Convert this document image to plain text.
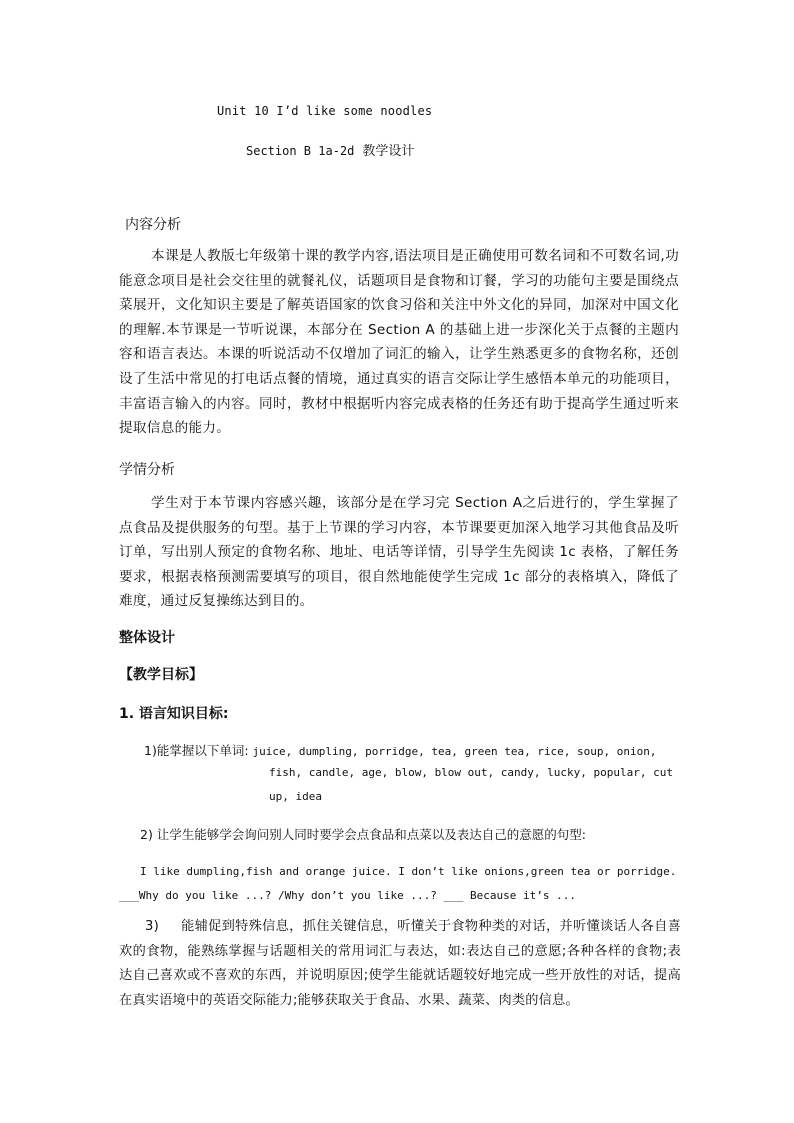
Unit 10 I’d like some noodles
Section B 1a-2d 教学设计
内容分析
本课是人教版七年级第十课的教学内容,语法项目是正确使用可数名词和不可数名词,功能意念项目是社会交往里的就餐礼仪，话题项目是食物和订餐，学习的功能句主要是围绕点菜展开，文化知识主要是了解英语国家的饮食习俗和关注中外文化的异同，加深对中国文化的理解.本节课是一节听说课，本部分在 Section A 的基础上进一步深化关于点餐的主题内容和语言表达。本课的听说活动不仅增加了词汇的输入，让学生熟悉更多的食物名称，还创设了生活中常见的打电话点餐的情境，通过真实的语言交际让学生感悟本单元的功能项目，丰富语言输入的内容。同时，教材中根据听内容完成表格的任务还有助于提高学生通过听来提取信息的能力。
学情分析
学生对于本节课内容感兴趣，该部分是在学习完 Section A之后进行的，学生掌握了点食品及提供服务的句型。基于上节课的学习内容，本节课要更加深入地学习其他食品及听订单，写出别人预定的食物名称、地址、电话等详情，引导学生先阅读 1c 表格，了解任务要求，根据表格预测需要填写的项目，很自然地能使学生完成 1c 部分的表格填入，降低了难度，通过反复操练达到目的。
整体设计
【教学目标】
1. 语言知识目标:
1)能掌握以下单词: juice, dumpling, porridge, tea, green tea, rice, soup, onion,
fish, candle, age, blow, blow out, candy, lucky, popular, cut
up, idea
2) 让学生能够学会询问别人同时要学会点食品和点菜以及表达自己的意愿的句型:
I like dumpling,fish and orange juice. I don’t like onions,green tea or porridge.
___Why do you like ...? /Why don’t you like ...? ___ Because it’s ...
3) 能辅促到特殊信息，抓住关键信息，听懂关于食物种类的对话，并听懂谈话人各自喜欢的食物，能熟练掌握与话题相关的常用词汇与表达，如:表达自己的意愿;各种各样的食物;表达自己喜欢或不喜欢的东西，并说明原因;使学生能就话题较好地完成一些开放性的对话，提高在真实语境中的英语交际能力;能够获取关于食品、水果、蔬菜、肉类的信息。
